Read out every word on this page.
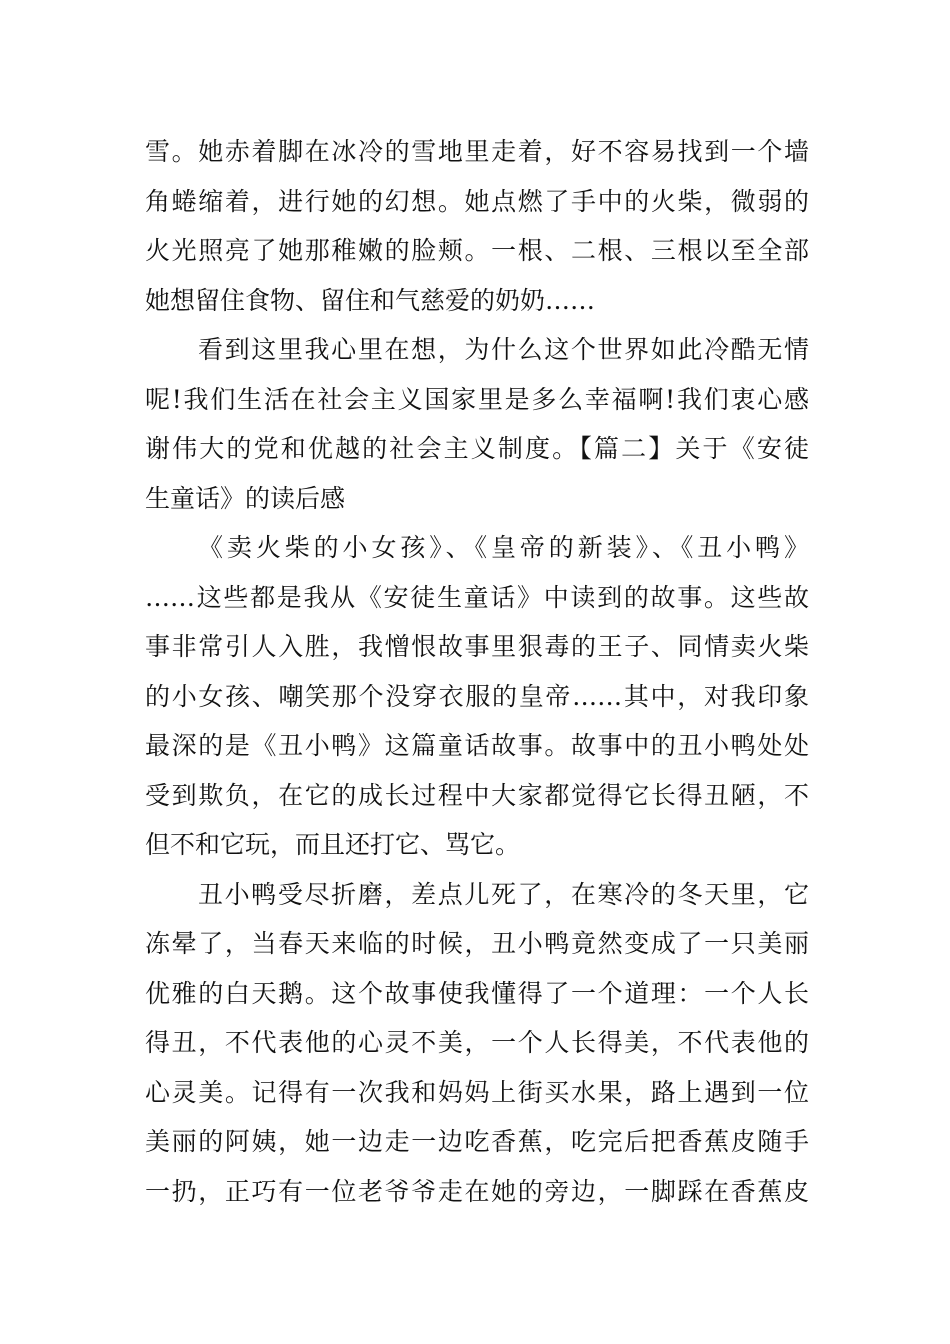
雪。她赤着脚在冰冷的雪地里走着，好不容易找到一个墙
角蜷缩着，进行她的幻想。她点燃了手中的火柴，微弱的
火光照亮了她那稚嫩的脸颊。一根、二根、三根以至全部
她想留住食物、留住和气慈爱的奶奶……
看到这里我心里在想，为什么这个世界如此冷酷无情
呢!我们生活在社会主义国家里是多么幸福啊!我们衷心感
谢伟大的党和优越的社会主义制度。【篇二】关于《安徒
生童话》的读后感
《卖火柴的小女孩》、《皇帝的新装》、《丑小鸭》
……这些都是我从《安徒生童话》中读到的故事。这些故
事非常引人入胜，我憎恨故事里狠毒的王子、同情卖火柴
的小女孩、嘲笑那个没穿衣服的皇帝……其中，对我印象
最深的是《丑小鸭》这篇童话故事。故事中的丑小鸭处处
受到欺负，在它的成长过程中大家都觉得它长得丑陋，不
但不和它玩，而且还打它、骂它。
丑小鸭受尽折磨，差点儿死了，在寒冷的冬天里，它
冻晕了，当春天来临的时候，丑小鸭竟然变成了一只美丽
优雅的白天鹅。这个故事使我懂得了一个道理：一个人长
得丑，不代表他的心灵不美，一个人长得美，不代表他的
心灵美。记得有一次我和妈妈上街买水果，路上遇到一位
美丽的阿姨，她一边走一边吃香蕉，吃完后把香蕉皮随手
一扔，正巧有一位老爷爷走在她的旁边，一脚踩在香蕉皮
